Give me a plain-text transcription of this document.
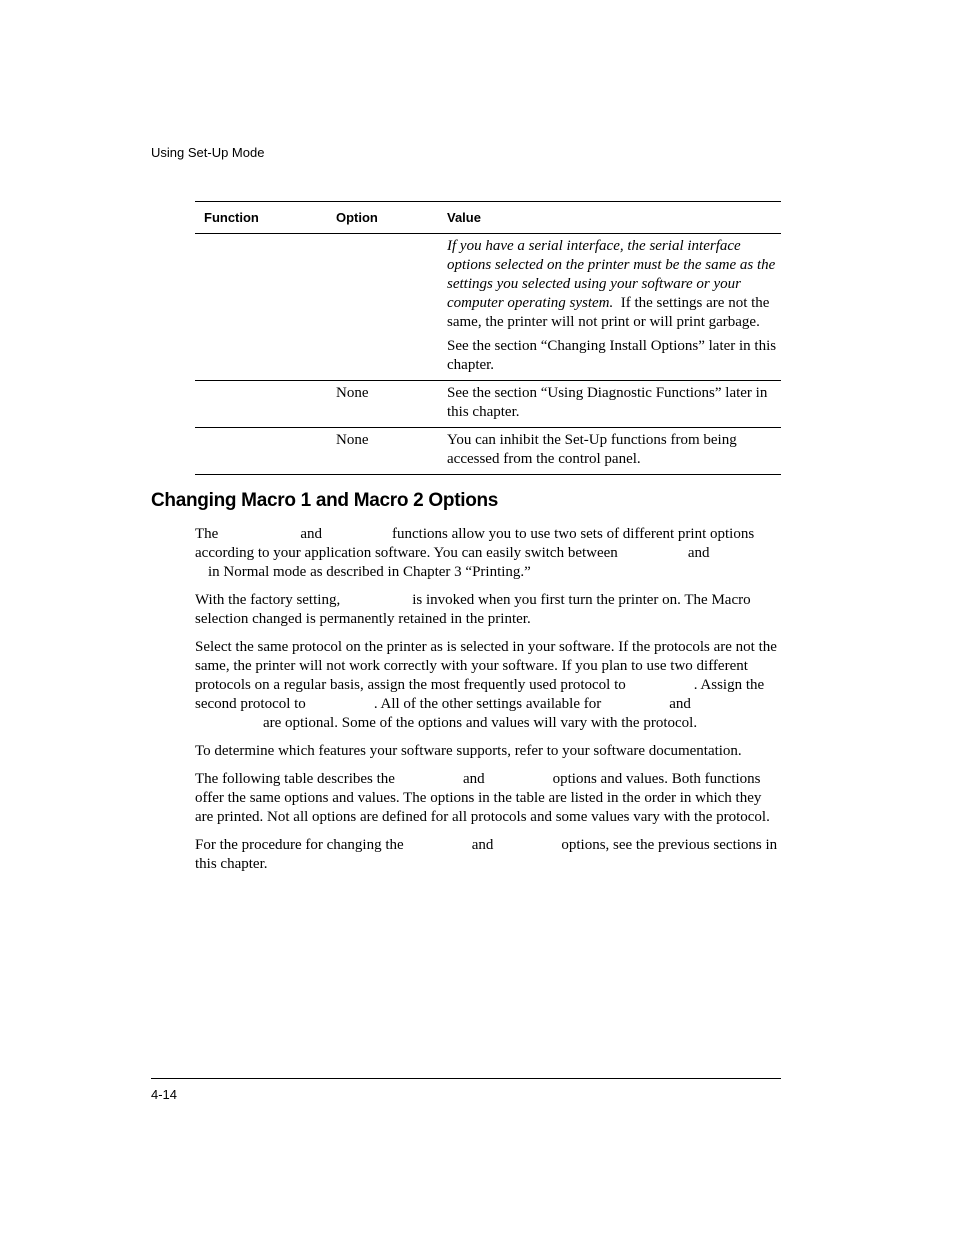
Using Set-Up Mode
Function	Option	Value

		If you have a serial interface, the serial interface options selected on the printer must be the same as the settings you selected using your software or your computer operating system.  If the settings are not the same, the printer will not print or will print garbage.

See the section “Changing Install Options” later in this chapter.

	None	See the section “Using Diagnostic Functions” later in this chapter.
	None	You can inhibit the Set-Up functions from being accessed from the control panel.
Changing Macro 1 and Macro 2 Options

The	and	functions allow you to use two sets of different print options according to your application software. You can easily switch between	and
in Normal mode as described in Chapter 3 “Printing.”

With the factory setting,	is invoked when you first turn the printer on. The Macro selection changed is permanently retained in the printer.

Select the same protocol on the printer as is selected in your software. If the protocols are not the same, the printer will not work correctly with your software. If you plan to use two different protocols on a regular basis, assign the most frequently used protocol to	. Assign the second protocol to	. All of the other settings available for	and
are optional. Some of the options and values will vary with the protocol.

To determine which features your software supports, refer to your software documentation.

The following table describes the	and	options and values. Both functions offer the same options and values. The options in the table are listed in the order in which they are printed. Not all options are defined for all protocols and some values vary with the protocol.

For the procedure for changing the	and	options, see the previous sections in this chapter.

4-14
